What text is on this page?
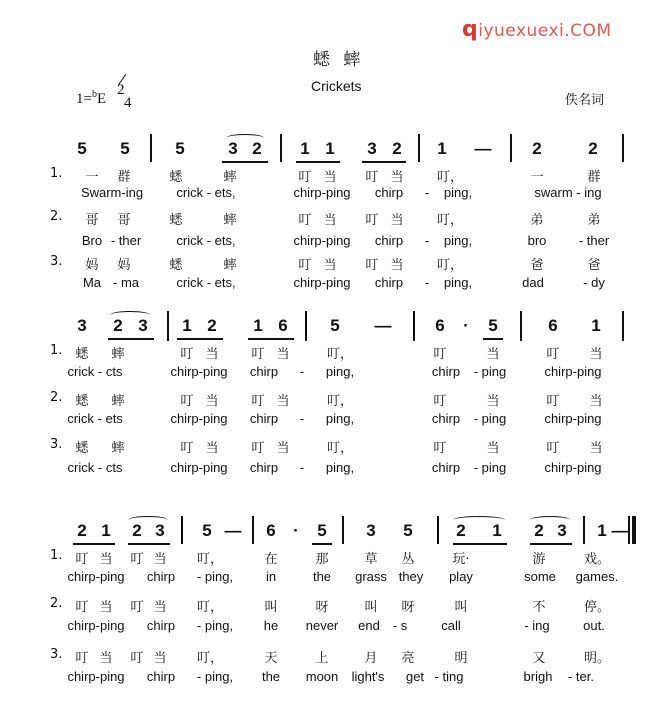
qiyuexuexi.COM
蟋 蟀
Crickets
1=$^b$E
2
4	佚名词
5 5	5	3 2 1 1 3 2 1 — 2	2
1. 一 群	蟋	蟀	叮 当 叮 当	叮，	一	群
Swarm-ing	crick - ets,	chirp-ping chirp - ping,	swarm - ing
2. 哥 哥	蟋	蟀	叮 当 叮 当	叮，	弟	弟
Bro - ther	crick - ets,	chirp-ping chirp - ping,	bro - ther
3. 妈 妈	蟋	蟀	叮 当 叮 当	叮，	爸	爸
Ma - ma	crick - ets,	chirp-ping chirp - ping,	dad	- dy
3 2 3 1 2 1 6	5 —	6 · 5	6 1
1. 蟋 蟀	叮 当	叮 当	叮，	叮	当	叮 当
crick - cts	chirp-ping chirp - ping,	chirp - ping	chirp-ping
2. 蟋 蟀	叮 当	叮 当	叮，	叮	当	叮 当
crick - ets	chirp-ping chirp - ping,	chirp - ping	chirp-ping
3. 蟋 蟀	叮 当	叮 当	叮，	叮	当	叮 当
crick - cts	chirp-ping chirp - ping,	chirp - ping	chirp-ping
2 1 2 3 5 — 6 · 5 3 5	2 1 2 3 1 —
1. 叮 当 叮 当 叮，	在	那	草 丛	玩·	游	戏。
chirp-ping chirp - ping,	in	the grass they play	some games.
2. 叮 当 叮 当 叮，	叫	呀	叫 呀	叫	不	停。
chirp-ping chirp - ping, he never end - s	call	- ing	out.
3. 叮 当 叮 当 叮，	天	上	月 亮	明	又	明。
chirp-ping chirp - ping, the moon light's get - ting	brigh - ter.
